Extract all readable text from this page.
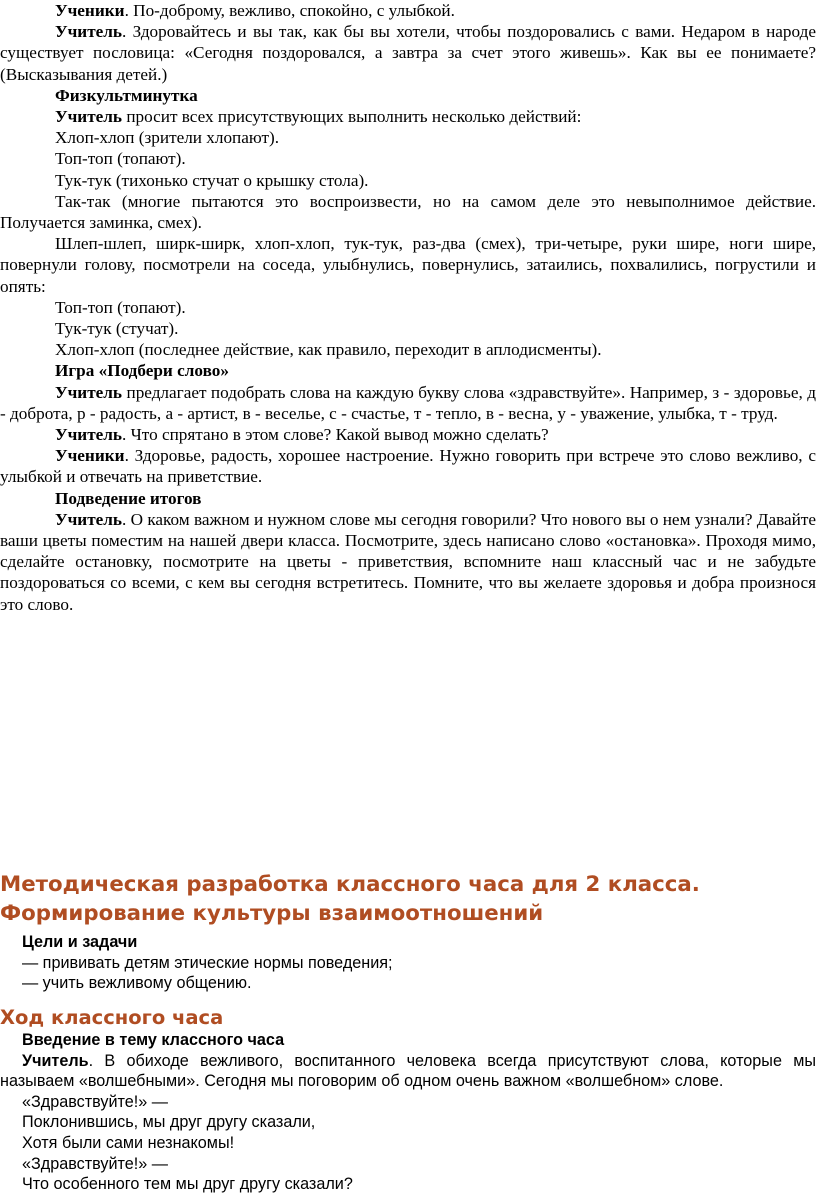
Ученики. По-доброму, вежливо, спокойно, с улыбкой.

Учитель. Здоровайтесь и вы так, как бы вы хотели, чтобы поздоровались с вами. Недаром в народе существует пословица: «Сегодня поздоровался, а завтра за счет этого живешь». Как вы ее понимаете? (Высказывания детей.)

Физкультминутка

Учитель просит всех присутствующих выполнить несколько действий:

Хлоп-хлоп (зрители хлопают).

Топ-топ (топают).

Тук-тук (тихонько стучат о крышку стола).

Так-так (многие пытаются это воспроизвести, но на самом деле это невыполнимое действие. Получается заминка, смех).

Шлеп-шлеп, ширк-ширк, хлоп-хлоп, тук-тук, раз-два (смех), три-четыре, руки шире, ноги шире, повернули голову, посмотрели на соседа, улыбнулись, повернулись, затаились, похвалились, погрустили и опять:

Топ-топ (топают).

Тук-тук (стучат).

Хлоп-хлоп (последнее действие, как правило, переходит в аплодисменты).

Игра «Подбери слово»

Учитель предлагает подобрать слова на каждую букву слова «здравствуйте». Например, з - здоровье, д - доброта, р - радость, а - артист, в - веселье, с - счастье, т - тепло, в - весна, у - уважение, улыбка, т - труд.

Учитель. Что спрятано в этом слове? Какой вывод можно сделать?

Ученики. Здоровье, радость, хорошее настроение. Нужно говорить при встрече это слово вежливо, с улыбкой и отвечать на приветствие.

Подведение итогов

Учитель. О каком важном и нужном слове мы сегодня говорили? Что нового вы о нем узнали? Давайте ваши цветы поместим на нашей двери класса. Посмотрите, здесь написано слово «остановка». Проходя мимо, сделайте остановку, посмотрите на цветы - приветствия, вспомните наш классный час и не забудьте поздороваться со всеми, с кем вы сегодня встретитесь. Помните, что вы желаете здоровья и добра произнося это слово.

Методическая разработка классного часа для 2 класса.
Формирование культуры взаимоотношений

Цели и задачи

— прививать детям этические нормы поведения;

— учить вежливому общению.

Ход классного часа

Введение в тему классного часа

Учитель. В обиходе вежливого, воспитанного человека всегда присутствуют слова, которые мы называем «волшебными». Сегодня мы поговорим об одном очень важном «волшебном» слове.

«Здравствуйте!» —

Поклонившись, мы друг другу сказали,

Хотя были сами незнакомы!

«Здравствуйте!» —

Что особенного тем мы друг другу сказали?
